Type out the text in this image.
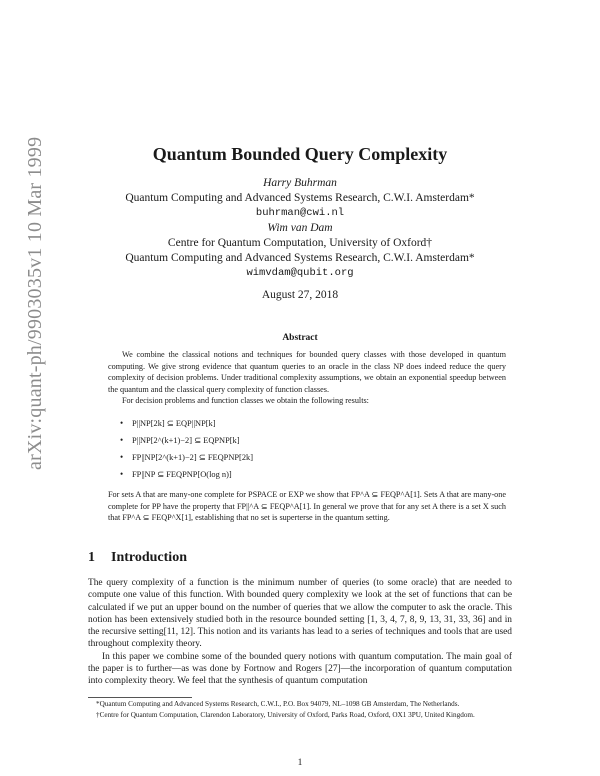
arXiv:quant-ph/9903035v1 10 Mar 1999	Quantum Bounded Query Complexity
Harry Buhrman
Quantum Computing and Advanced Systems Research, C.W.I. Amsterdam*
buhrman@cwi.nl
Wim van Dam
Centre for Quantum Computation, University of Oxford†
Quantum Computing and Advanced Systems Research, C.W.I. Amsterdam*
wimvdam@qubit.org
August 27, 2018
Abstract

We combine the classical notions and techniques for bounded query classes with those developed in quantum computing. We give strong evidence that quantum queries to an oracle in the class NP does indeed reduce the query complexity of decision problems. Under traditional complexity assumptions, we obtain an exponential speedup between the quantum and the classical query complexity of function classes.

For decision problems and function classes we obtain the following results:

•	P||NP[2k] ⊆ EQP||NP[k]
•	P||NP[2^(k+1)−2] ⊆ EQPNP[k]
•	FP||NP[2^(k+1)−2] ⊆ FEQPNP[2k]
•	FP||NP ⊆ FEQPNP[O(log n)]

For sets A that are many-one complete for PSPACE or EXP we show that FP^A ⊆ FEQP^A[1]. Sets A that are many-one complete for PP have the property that FP||^A ⊆ FEQP^A[1]. In general we prove that for any set A there is a set X such that FP^A ⊆ FEQP^X[1], establishing that no set is superterse in the quantum setting.

1 Introduction

The query complexity of a function is the minimum number of queries (to some oracle) that are needed to compute one value of this function. With bounded query complexity we look at the set of functions that can be calculated if we put an upper bound on the number of queries that we allow the computer to ask the oracle. This notion has been extensively studied both in the resource bounded setting [1, 3, 4, 7, 8, 9, 13, 31, 33, 36] and in the recursive setting[11, 12]. This notion and its variants has lead to a series of techniques and tools that are used throughout complexity theory.

In this paper we combine some of the bounded query notions with quantum computation. The main goal of the paper is to further—as was done by Fortnow and Rogers [27]—the incorporation of quantum computation into complexity theory. We feel that the synthesis of quantum computation

*Quantum Computing and Advanced Systems Research, C.W.I., P.O. Box 94079, NL–1098 GB Amsterdam, The Netherlands.

†Centre for Quantum Computation, Clarendon Laboratory, University of Oxford, Parks Road, Oxford, OX1 3PU, United Kingdom.

1
